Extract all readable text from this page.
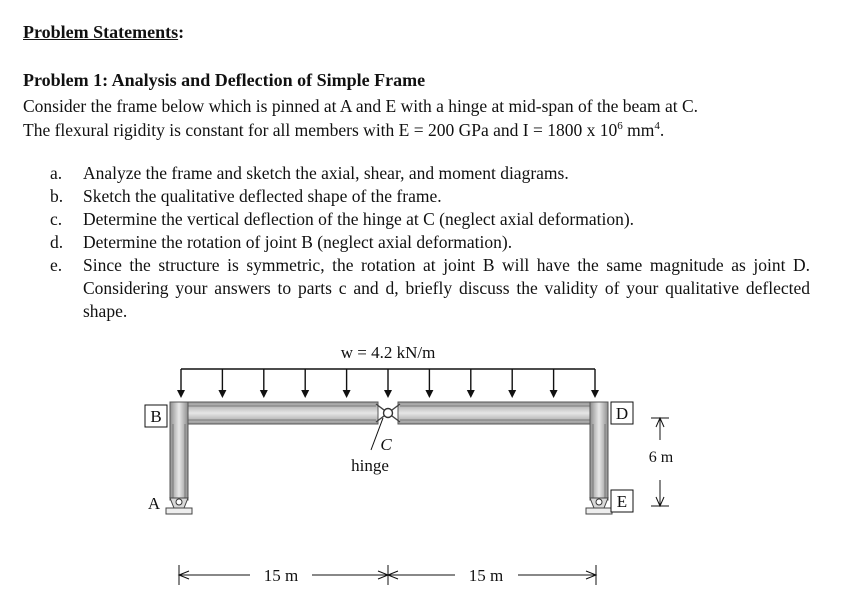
Problem Statements:
Problem 1: Analysis and Deflection of Simple Frame
Consider the frame below which is pinned at A and E with a hinge at mid-span of the beam at C.
The flexural rigidity is constant for all members with E = 200 GPa and I = 1800 x $10^6$ $mm^4$.
a.	Analyze the frame and sketch the axial, shear, and moment diagrams.
b.	Sketch the qualitative deflected shape of the frame.
c.	Determine the vertical deflection of the hinge at C (neglect axial deformation).
d.	Determine the rotation of joint B (neglect axial deformation).
e.	Since the structure is symmetric, the rotation at joint B will have the same magnitude as joint D. Considering your answers to parts c and d, briefly discuss the validity of your qualitative deflected shape.
w = 4.2 kN/m
B	D
E
A
C
hinge	6 m
15 m	15 m
